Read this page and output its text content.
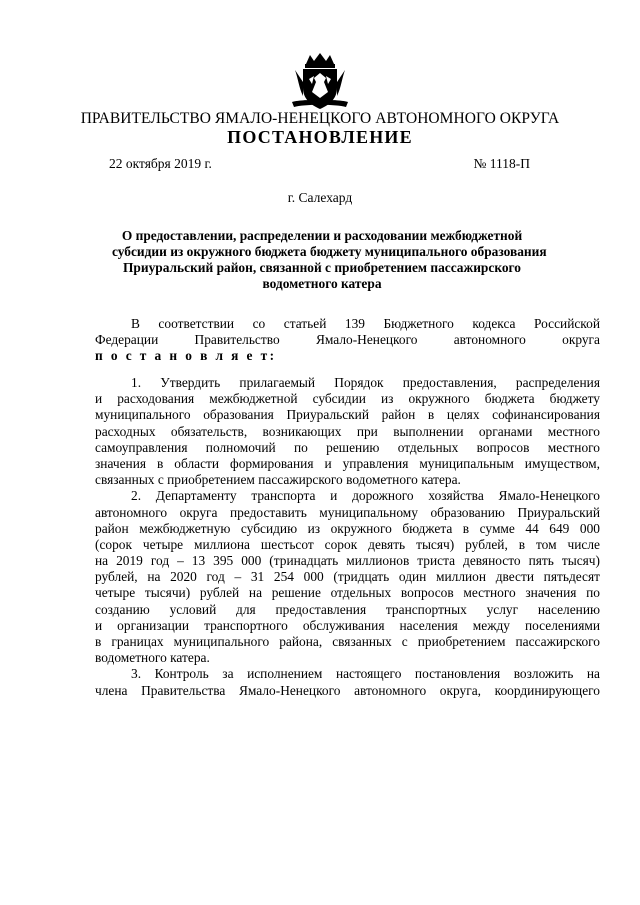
ПРАВИТЕЛЬСТВО ЯМАЛО-НЕНЕЦКОГО АВТОНОМНОГО ОКРУГА
ПОСТАНОВЛЕНИЕ
22 октября 2019 г.	№ 1118-П
г. Салехард
О предоставлении, распределении и расходовании межбюджетной
субсидии из окружного бюджета бюджету муниципального образования
Приуральский район, связанной с приобретением пассажирского
водометного катера
В соответствии со статьей 139 Бюджетного кодекса Российской
Федерации Правительство Ямало-Ненецкого автономного округа
п о с т а н о в л я е т:
1. Утвердить прилагаемый Порядок предоставления, распределения
и расходования межбюджетной субсидии из окружного бюджета бюджету
муниципального образования Приуральский район в целях софинансирования
расходных обязательств, возникающих при выполнении органами местного
самоуправления полномочий по решению отдельных вопросов местного
значения в области формирования и управления муниципальным имуществом,
связанных с приобретением пассажирского водометного катера.
2. Департаменту транспорта и дорожного хозяйства Ямало-Ненецкого
автономного округа предоставить муниципальному образованию Приуральский
район межбюджетную субсидию из окружного бюджета в сумме 44 649 000
(сорок четыре миллиона шестьсот сорок девять тысяч) рублей, в том числе
на 2019 год – 13 395 000 (тринадцать миллионов триста девяносто пять тысяч)
рублей, на 2020 год – 31 254 000 (тридцать один миллион двести пятьдесят
четыре тысячи) рублей на решение отдельных вопросов местного значения по
созданию условий для предоставления транспортных услуг населению
и организации транспортного обслуживания населения между поселениями
в границах муниципального района, связанных с приобретением пассажирского
водометного катера.
3. Контроль за исполнением настоящего постановления возложить на
члена Правительства Ямало-Ненецкого автономного округа, координирующего
